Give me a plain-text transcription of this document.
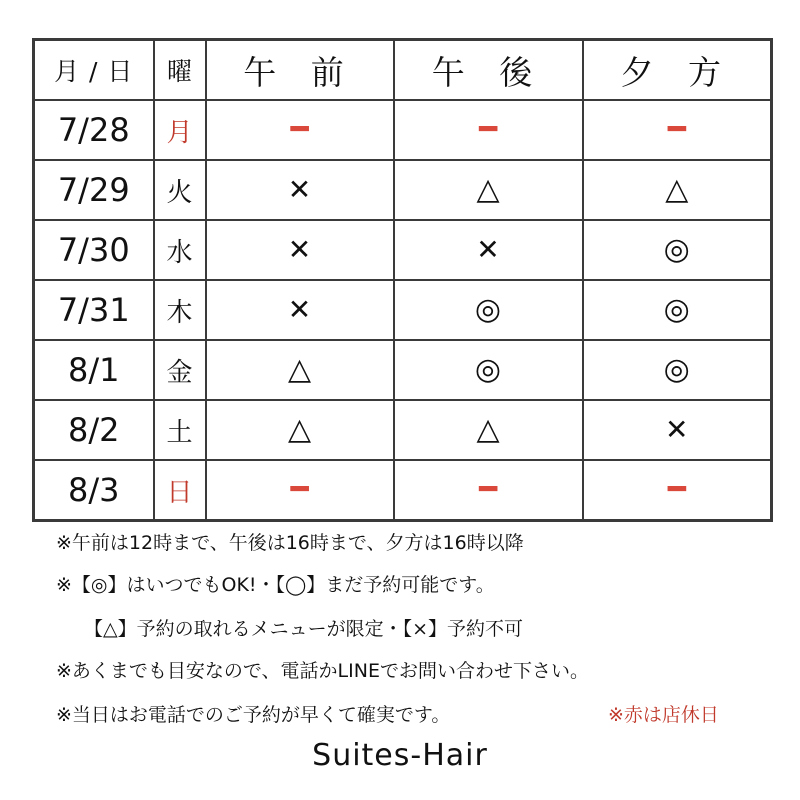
月 / 日	曜	午 前	午 後	夕 方
7/28	月	━	━	━
7/29	火	✕	△	△
7/30	水	✕	✕	◎
7/31	木	✕	◎	◎
8/1	金	△	◎	◎
8/2	土	△	△	✕
8/3	日	━	━	━
※午前は12時まで、午後は16時まで、夕方は16時以降
※【◎】はいつでもOK!・【◯】まだ予約可能です。
【△】予約の取れるメニューが限定・【×】予約不可
※あくまでも目安なので、電話かLINEでお問い合わせ下さい。
※当日はお電話でのご予約が早くて確実です。	※赤は店休日
Suites-Hair
